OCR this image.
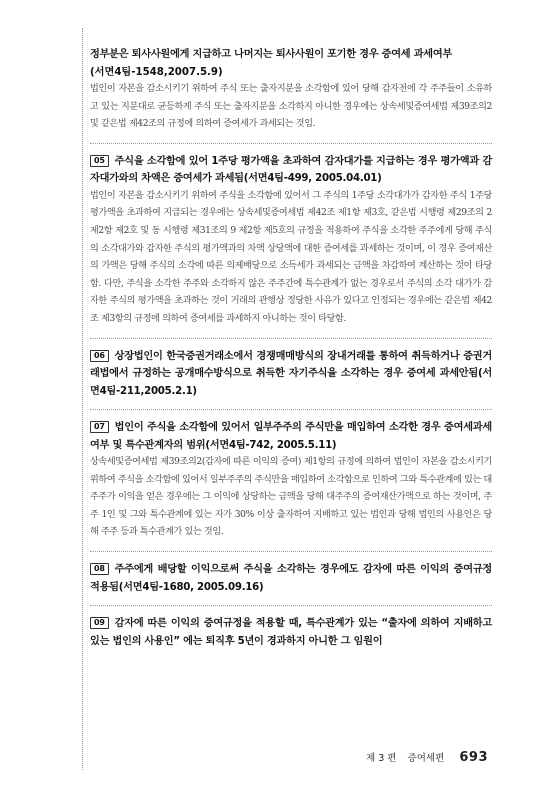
정부분은 퇴사사원에게 지급하고 나머지는 퇴사사원이 포기한 경우 증여세 과세여부

(서면4팀-1548,2007.5.9)

법인이 자본을 감소시키기 위하여 주식 또는 출자지분을 소각함에 있어 당해 감자전에 각 주주들이 소유하고 있는 지분대로 균등하게 주식 또는 출자지분을 소각하지 아니한 경우에는 상속세및증여세법 제39조의2 및 같은법 제42조의 규정에 의하여 증여세가 과세되는 것임.

05 주식을 소각함에 있어 1주당 평가액을 초과하여 감자대가를 지급하는 경우 평가액과 감자대가와의 차액은 증여세가 과세됨(서면4팀-499, 2005.04.01)

법인이 자본을 감소시키기 위하여 주식을 소각함에 있어서 그 주식의 1주당 소각대가가 감자한 주식 1주당 평가액을 초과하여 지급되는 경우에는 상속세및증여세법 제42조 제1항 제3호, 같은법 시행령 제29조의 2 제2항 제2호 및 동 시행령 제31조의 9 제2항 제5호의 규정을 적용하여 주식을 소각한 주주에게 당해 주식의 소각대가와 감자한 주식의 평가액과의 차액 상당액에 대한 증여세를 과세하는 것이며, 이 경우 증여재산의 가액은 당해 주식의 소각에 따른 의제배당으로 소득세가 과세되는 금액을 차감하여 계산하는 것이 타당함. 다만, 주식을 소각한 주주와 소각하지 않은 주주간에 특수관계가 없는 경우로서 주식의 소각 대가가 감자한 주식의 평가액을 초과하는 것이 거래의 관행상 정당한 사유가 있다고 인정되는 경우에는 같은법 제42조 제3항의 규정에 의하여 증여세를 과세하지 아니하는 것이 타당함.

06 상장법인이 한국증권거래소에서 경쟁매매방식의 장내거래를 통하여 취득하거나 증권거래법에서 규정하는 공개매수방식으로 취득한 자기주식을 소각하는 경우 증여세 과세안됨(서면4팀-211,2005.2.1)

07 법인이 주식을 소각함에 있어서 일부주주의 주식만을 매입하여 소각한 경우 증여세과세여부 및 특수관계자의 범위(서면4팀-742, 2005.5.11)

상속세및증여세법 제39조의2(감자에 따른 이익의 증여) 제1항의 규정에 의하여 법인이 자본을 감소시키기 위하여 주식을 소각함에 있어서 일부주주의 주식만을 매입하여 소각함으로 인하여 그와 특수관계에 있는 대주주가 이익을 얻은 경우에는 그 이익에 상당하는 금액을 당해 대주주의 증여재산가액으로 하는 것이며, 주주 1인 및 그와 특수관계에 있는 자가 30% 이상 출자하여 지배하고 있는 법인과 당해 법인의 사용인은 당해 주주 등과 특수관계가 있는 것임.

08 주주에게 배당할 이익으로써 주식을 소각하는 경우에도 감자에 따른 이익의 증여규정 적용됨(서면4팀-1680, 2005.09.16)

09 감자에 따른 이익의 증여규정을 적용할 때, 특수관계가 있는 “출자에 의하여 지배하고 있는 법인의 사용인” 에는 퇴직후 5년이 경과하지 아니한 그 임원이

제 3 편 증여세편 693
